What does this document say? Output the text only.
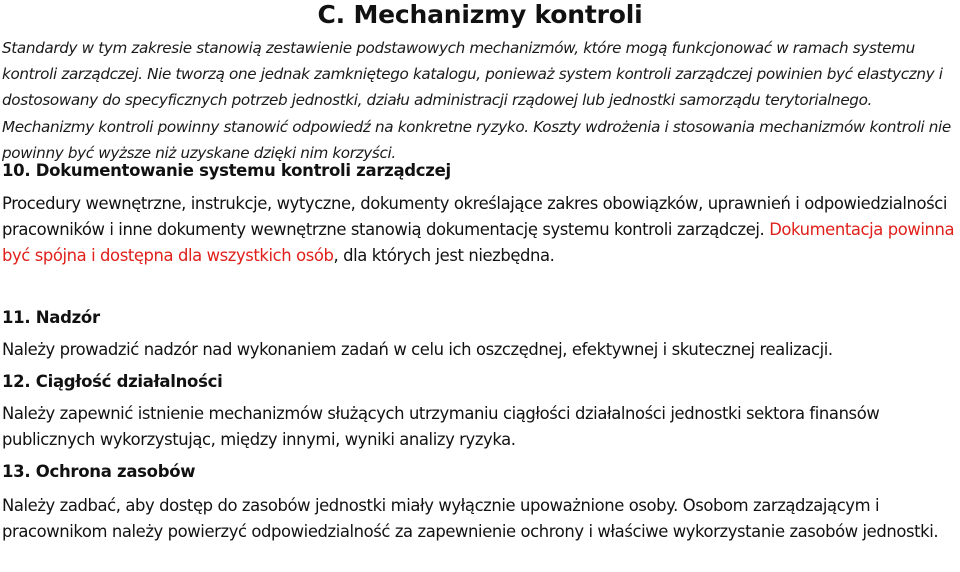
C. Mechanizmy kontroli

Standardy w tym zakresie stanowią zestawienie podstawowych mechanizmów, które mogą funkcjonować w ramach systemu kontroli zarządczej. Nie tworzą one jednak zamkniętego katalogu, ponieważ system kontroli zarządczej powinien być elastyczny i dostosowany do specyficznych potrzeb jednostki, działu administracji rządowej lub jednostki samorządu terytorialnego. Mechanizmy kontroli powinny stanowić odpowiedź na konkretne ryzyko. Koszty wdrożenia i stosowania mechanizmów kontroli nie powinny być wyższe niż uzyskane dzięki nim korzyści.

10. Dokumentowanie systemu kontroli zarządczej
Procedury wewnętrzne, instrukcje, wytyczne, dokumenty określające zakres obowiązków, uprawnień i odpowiedzialności pracowników i inne dokumenty wewnętrzne stanowią dokumentację systemu kontroli zarządczej. Dokumentacja powinna być spójna i dostępna dla wszystkich osób, dla których jest niezbędna.
11. Nadzór
Należy prowadzić nadzór nad wykonaniem zadań w celu ich oszczędnej, efektywnej i skutecznej realizacji.
12. Ciągłość działalności
Należy zapewnić istnienie mechanizmów służących utrzymaniu ciągłości działalności jednostki sektora finansów publicznych wykorzystując, między innymi, wyniki analizy ryzyka.
13. Ochrona zasobów
Należy zadbać, aby dostęp do zasobów jednostki miały wyłącznie upoważnione osoby. Osobom zarządzającym i pracownikom należy powierzyć odpowiedzialność za zapewnienie ochrony i właściwe wykorzystanie zasobów jednostki.
